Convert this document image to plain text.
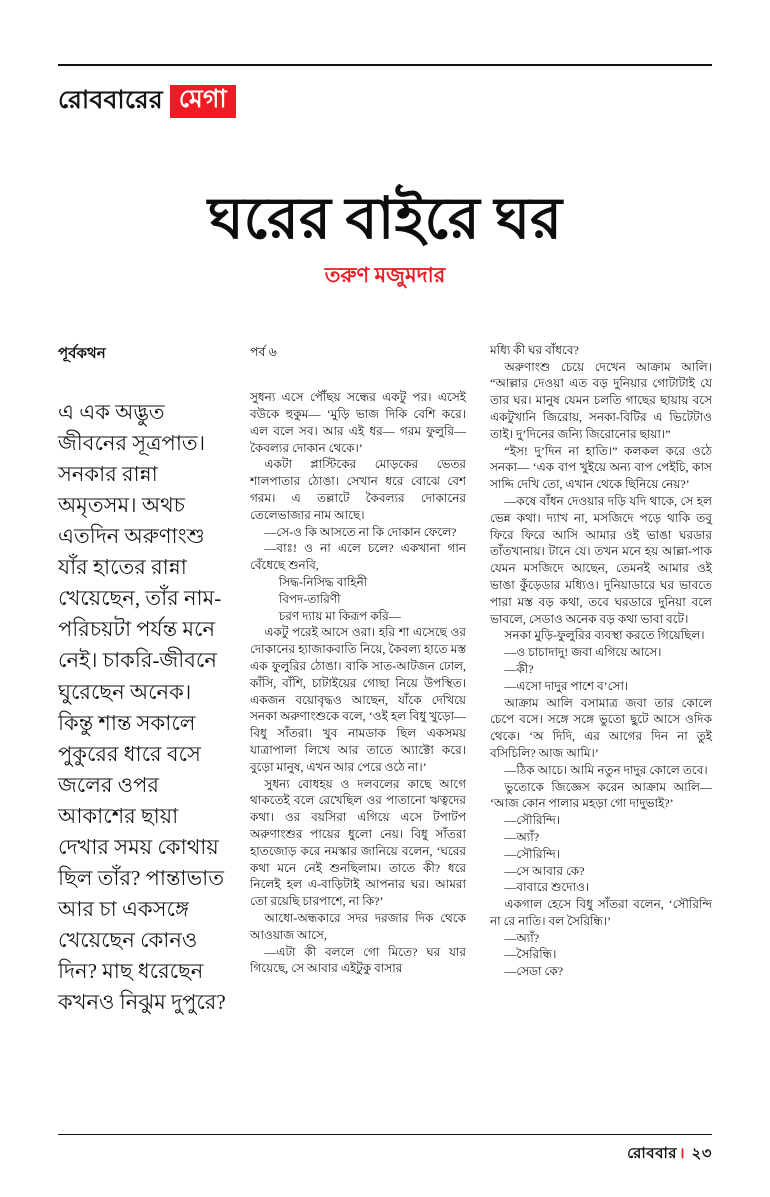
রোববারের মেগা
ঘরের বাইরে ঘর
তরুণ মজুমদার
পূর্বকথন
এ এক অদ্ভুত জীবনের সূত্রপাত। সনকার রান্না অমৃতসম। অথচ এতদিন অরুণাংশু যাঁর হাতের রান্না খেয়েছেন, তাঁর নাম-পরিচয়টা পর্যন্ত মনে নেই। চাকরি-জীবনে ঘুরেছেন অনেক। কিন্তু শান্ত সকালে পুকুরের ধারে বসে জলের ওপর আকাশের ছায়া দেখার সময় কোথায় ছিল তাঁর? পান্তাভাত আর চা একসঙ্গে খেয়েছেন কোনও দিন? মাছ ধরেছেন কখনও নিঝুম দুপুরে?
পর্ব ৬

সুধন্য এসে পৌঁছয় সন্ধের একটু পর। এসেই বউকে হুকুম— ‘মুড়ি ভাজ দিকি বেশি করে। এল বলে সব। আর এই ধর— গরম ফুলুরি— কৈবল্যর দোকান থেকে।’

একটা প্লাস্টিকের মোড়কের ভেতর শালপাতার ঠোঙা। সেখান ধরে বোঝে বেশ গরম। এ তল্লাটে কৈবল্যর দোকানের তেলেভাজার নাম আছে।

—সে-ও কি আসতে না কি দোকান ফেলে?

—বাঃ! ও না এলে চলে? একখানা গান বেঁধেছে শুনবি,

সিদ্ধ-নিসিদ্ধ বাহিনী

বিপদ-তারিণী

চরণ দ্যায় মা কিরূপ করি—

একটু পরেই আসে ওরা। হরি শা এসেছে ওর দোকানের হ্যাজাকবাতি নিয়ে, কৈবল্য হাতে মস্ত এক ফুলুরির ঠোঙা। বাকি সাত-আটজন ঢোল, কাঁসি, বাঁশি, চাটাইয়ের গোছা নিয়ে উপস্থিত। একজন বয়োবৃদ্ধও আছেন, যাঁকে দেখিয়ে সনকা অরুণাংশুকে বলে, ‘ওই হল বিধু খুড়ো— বিধু সাঁতরা। খুব নামডাক ছিল একসময় যাত্রাপালা লিখে আর তাতে অ্যাক্টো করে। বুড়ো মানুষ, এখন আর পেরে ওঠে না।’

সুধন্য বোধহয় ও দলবলের কাছে আগে থাকতেই বলে রেখেছিল ওর পাতানো ঋত্বদের কথা। ওর বয়সিরা এগিয়ে এসে টপাটপ অরুণাংশুর পায়ের ধুলো নেয়। বিধু সাঁতরা হাতজোড় করে নমস্কার জানিয়ে বলেন, ‘ঘরের কথা মনে নেই শুনছিলাম। তাতে কী? ধরে নিলেই হল এ-বাড়িটাই আপনার ঘর। আমরা তো রয়েছি চারপাশে, না কি?’

আধো-অন্ধকারে সদর দরজার দিক থেকে আওয়াজ আসে,

—এটা কী বললে গো মিতে? ঘর যার গিয়েছে, সে আবার এইটুকু বাসার

মধ্যি কী ঘর বাঁধবে?

অরুণাংশু চেয়ে দেখেন আক্রাম আলি। “আল্লার দেওয়া এত বড় দুনিয়ার গোটাটাই যে তার ঘর। মানুষ যেমন চলতি গাছের ছায়ায় বসে একটুখানি জিরোয়, সনকা-বিটির এ ভিটেটাও তাই। দু’দিনের জন্যি জিরোনোর ছায়া।”

“ইস! দু’দিন না হাতি।” কলকল করে ওঠে সনকা— ‘এক বাপ খুইয়ে অন্য বাপ পেইচি, কাস সাদ্দি দেখি তো, এখান থেকে ছিনিয়ে নেয়?’

—কষে বাঁধন দেওয়ার দড়ি যদি থাকে, সে হল ভেন্ন কথা। দ্যাখ না, মসজিদে পড়ে থাকি তবু ফিরে ফিরে আসি আমার ওই ভাঙা ঘরডার তাঁতখানায়। টানে যে। তখন মনে হয় আল্লা-পাক যেমন মসজিদে আছেন, তেমনই আমার ওই ভাঙা কুঁড়েডার মধ্যিও। দুনিয়াডারে ঘর ভাবতে পারা মস্ত বড় কথা, তবে ঘরডারে দুনিয়া বলে ভাবলে, সেডাও অনেক বড় কথা ভাবা বটে।

সনকা মুড়ি-ফুলুরির ব্যবস্থা করতে গিয়েছিল।

—ও চাচাদাদু! জবা এগিয়ে আসে।

—কী?

—এসো দাদুর পাশে ব’সো।

আক্রাম আলি বসামাত্র জবা তার কোলে চেপে বসে। সঙ্গে সঙ্গে ভুতো ছুটে আসে ওদিক থেকে। ‘অ দিদি, এর আগের দিন না তুই বসিচিলি? আজ আমি।’

—ঠিক আচে। আমি নতুন দাদুর কোলে তবে।

ভুতোকে জিজ্ঞেস করেন আক্রাম আলি— ‘আজ কোন পালার মহড়া গো দাদুভাই?’

—সৌরিন্দি।

—অ্যাঁ?

—সৌরিন্দি।

—সে আবার কে?

—বাবারে শুদোও।

একগাল হেসে বিধু সাঁতরা বলেন, ‘সৌরিন্দি না রে নাতি। বল সৈরিন্ধি।’

—অ্যাঁ?

—সৈরিন্ধি।

—সেডা কে?

রোববার । ২৩
